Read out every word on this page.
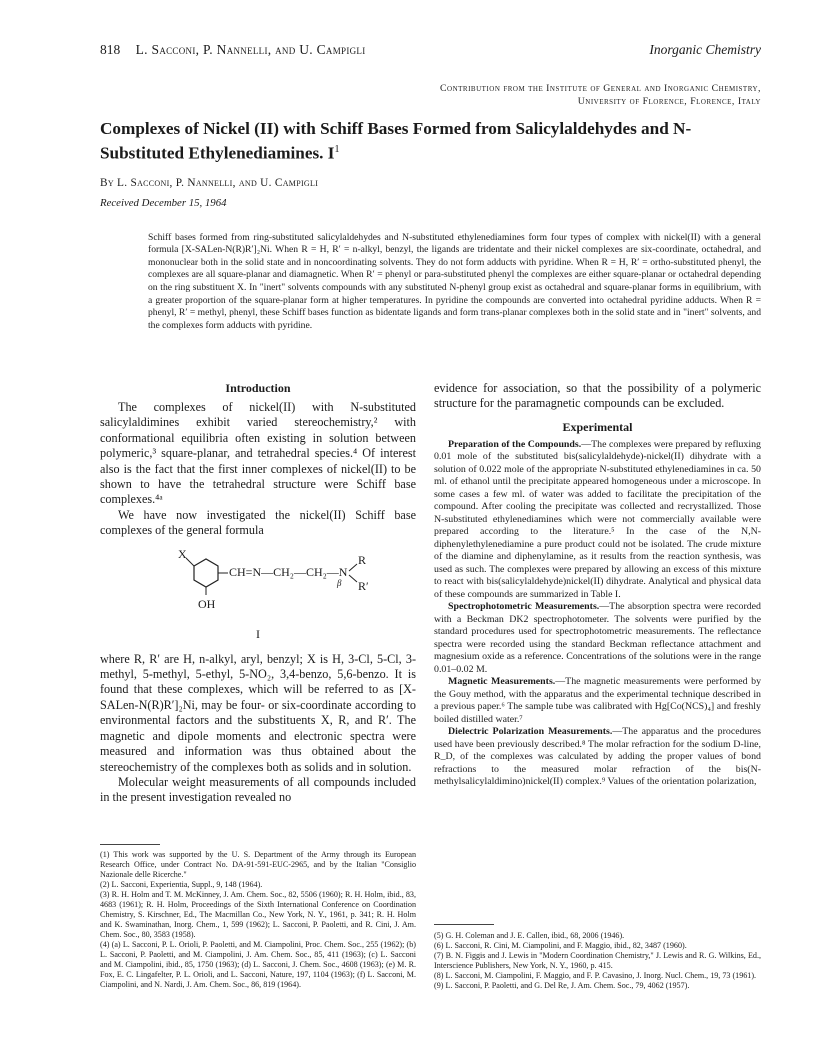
818 L. Sacconi, P. Nannelli, and U. Campigli	Inorganic Chemistry
Contribution from the Institute of General and Inorganic Chemistry,
University of Florence, Florence, Italy
Complexes of Nickel (II) with Schiff Bases Formed from Salicylaldehydes and N-Substituted Ethylenediamines. $I^1$
By L. Sacconi, P. Nannelli, and U. Campigli
Received December 15, 1964

Schiff bases formed from ring-substituted salicylaldehydes and N-substituted ethylenediamines form four types of complex with nickel(II) with a general formula [X-SALen-N(R)R′]₂Ni. When R = H, R′ = n-alkyl, benzyl, the ligands are tridentate and their nickel complexes are six-coordinate, octahedral, and mononuclear both in the solid state and in noncoordinating solvents. They do not form adducts with pyridine. When R = H, R′ = ortho-substituted phenyl, the complexes are all square-planar and diamagnetic. When R′ = phenyl or para-substituted phenyl the complexes are either square-planar or octahedral depending on the ring substituent X. In "inert" solvents compounds with any substituted N-phenyl group exist as octahedral and square-planar forms in equilibrium, with a greater proportion of the square-planar form at higher temperatures. In pyridine the compounds are converted into octahedral pyridine adducts. When R = phenyl, R′ = methyl, phenyl, these Schiff bases function as bidentate ligands and form trans-planar complexes both in the solid state and in "inert" solvents, and the complexes form adducts with pyridine.

Introduction

The complexes of nickel(II) with N-substituted salicylaldimines exhibit varied stereochemistry,² with conformational equilibria often existing in solution between polymeric,³ square-planar, and tetrahedral species.⁴ Of interest also is the fact that the first inner complexes of nickel(II) to be shown to have the tetrahedral structure were Schiff base complexes.⁴ᵃ

We have now investigated the nickel(II) Schiff base complexes of the general formula

X
CH=N—CH₂—CH₂—N
R
β R′
OH
I

where R, R′ are H, n-alkyl, aryl, benzyl; X is H, 3-Cl, 5-Cl, 3-methyl, 5-methyl, 5-ethyl, 5-NO₂, 3,4-benzo, 5,6-benzo. It is found that these complexes, which will be referred to as [X-SALen-N(R)R′]₂Ni, may be four- or six-coordinate according to environmental factors and the substituents X, R, and R′. The magnetic and dipole moments and electronic spectra were measured and information was thus obtained about the stereochemistry of the complexes both as solids and in solution.

Molecular weight measurements of all compounds included in the present investigation revealed no

(1) This work was supported by the U. S. Department of the Army through its European Research Office, under Contract No. DA-91-591-EUC-2965, and by the Italian "Consiglio Nazionale delle Ricerche."

(2) L. Sacconi, Experientia, Suppl., 9, 148 (1964).

(3) R. H. Holm and T. M. McKinney, J. Am. Chem. Soc., 82, 5506 (1960); R. H. Holm, ibid., 83, 4683 (1961); R. H. Holm, Proceedings of the Sixth International Conference on Coordination Chemistry, S. Kirschner, Ed., The Macmillan Co., New York, N. Y., 1961, p. 341; R. H. Holm and K. Swaminathan, Inorg. Chem., 1, 599 (1962); L. Sacconi, P. Paoletti, and R. Cini, J. Am. Chem. Soc., 80, 3583 (1958).

(4) (a) L. Sacconi, P. L. Orioli, P. Paoletti, and M. Ciampolini, Proc. Chem. Soc., 255 (1962); (b) L. Sacconi, P. Paoletti, and M. Ciampolini, J. Am. Chem. Soc., 85, 411 (1963); (c) L. Sacconi and M. Ciampolini, ibid., 85, 1750 (1963); (d) L. Sacconi, J. Chem. Soc., 4608 (1963); (e) M. R. Fox, E. C. Lingafelter, P. L. Orioli, and L. Sacconi, Nature, 197, 1104 (1963); (f) L. Sacconi, M. Ciampolini, and N. Nardi, J. Am. Chem. Soc., 86, 819 (1964).

evidence for association, so that the possibility of a polymeric structure for the paramagnetic compounds can be excluded.

Experimental

Preparation of the Compounds.—The complexes were prepared by refluxing 0.01 mole of the substituted bis(salicylaldehyde)-nickel(II) dihydrate with a solution of 0.022 mole of the appropriate N-substituted ethylenediamines in ca. 50 ml. of ethanol until the precipitate appeared homogeneous under a microscope. In some cases a few ml. of water was added to facilitate the precipitation of the compound. After cooling the precipitate was collected and recrystallized. Those N-substituted ethylenediamines which were not commercially available were prepared according to the literature.⁵ In the case of the N,N-diphenylethylenediamine a pure product could not be isolated. The crude mixture of the diamine and diphenylamine, as it results from the reaction synthesis, was used as such. The complexes were prepared by allowing an excess of this mixture to react with bis(salicylaldehyde)nickel(II) dihydrate. Analytical and physical data of these compounds are summarized in Table I.

Spectrophotometric Measurements.—The absorption spectra were recorded with a Beckman DK2 spectrophotometer. The solvents were purified by the standard procedures used for spectrophotometric measurements. The reflectance spectra were recorded using the standard Beckman reflectance attachment and magnesium oxide as a reference. Concentrations of the solutions were in the range 0.01–0.02 M.

Magnetic Measurements.—The magnetic measurements were performed by the Gouy method, with the apparatus and the experimental technique described in a previous paper.⁶ The sample tube was calibrated with Hg[Co(NCS)₄] and freshly boiled distilled water.⁷

Dielectric Polarization Measurements.—The apparatus and the procedures used have been previously described.⁸ The molar refraction for the sodium D-line, R_D, of the complexes was calculated by adding the proper values of bond refractions to the measured molar refraction of the bis(N-methylsalicylaldimino)nickel(II) complex.⁹ Values of the orientation polarization,

(5) G. H. Coleman and J. E. Callen, ibid., 68, 2006 (1946).

(6) L. Sacconi, R. Cini, M. Ciampolini, and F. Maggio, ibid., 82, 3487 (1960).

(7) B. N. Figgis and J. Lewis in "Modern Coordination Chemistry," J. Lewis and R. G. Wilkins, Ed., Interscience Publishers, New York, N. Y., 1960, p. 415.

(8) L. Sacconi, M. Ciampolini, F. Maggio, and F. P. Cavasino, J. Inorg. Nucl. Chem., 19, 73 (1961).

(9) L. Sacconi, P. Paoletti, and G. Del Re, J. Am. Chem. Soc., 79, 4062 (1957).
